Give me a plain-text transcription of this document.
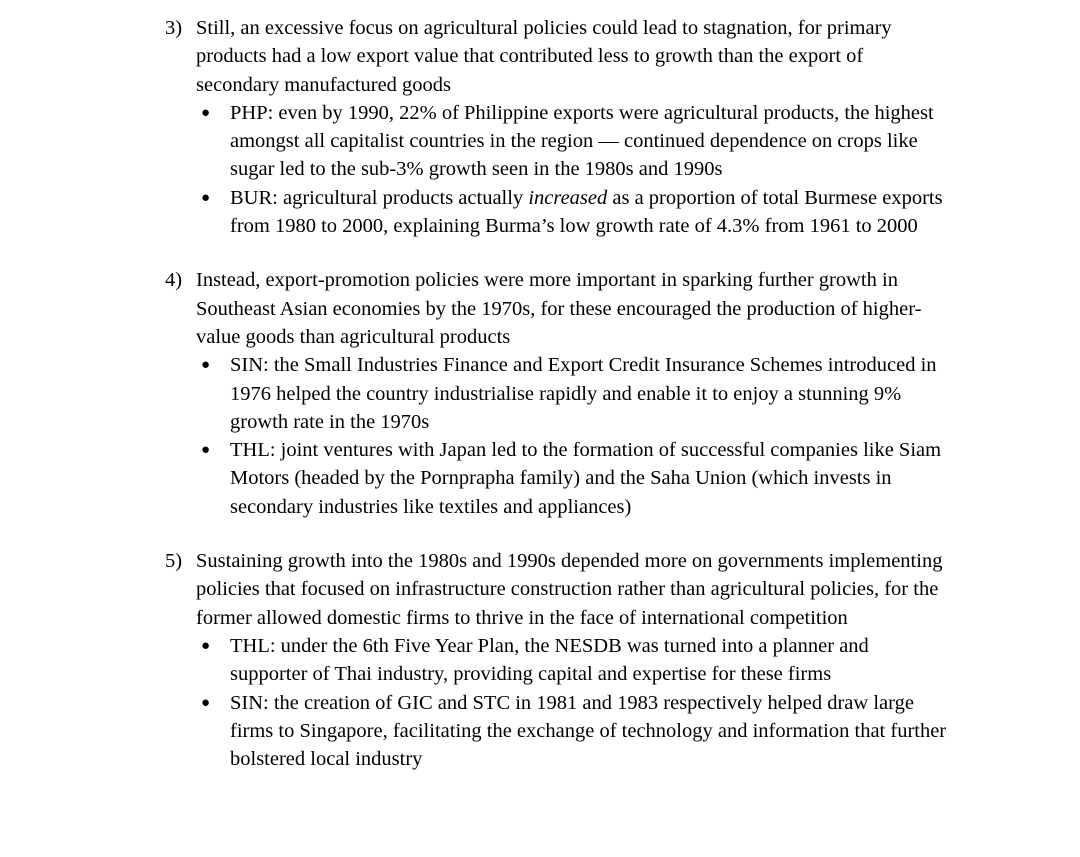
3) Still, an excessive focus on agricultural policies could lead to stagnation, for primary products had a low export value that contributed less to growth than the export of secondary manufactured goods
● PHP: even by 1990, 22% of Philippine exports were agricultural products, the highest amongst all capitalist countries in the region — continued dependence on crops like sugar led to the sub-3% growth seen in the 1980s and 1990s
● BUR: agricultural products actually increased as a proportion of total Burmese exports from 1980 to 2000, explaining Burma’s low growth rate of 4.3% from 1961 to 2000
4) Instead, export-promotion policies were more important in sparking further growth in Southeast Asian economies by the 1970s, for these encouraged the production of higher-value goods than agricultural products
● SIN: the Small Industries Finance and Export Credit Insurance Schemes introduced in 1976 helped the country industrialise rapidly and enable it to enjoy a stunning 9% growth rate in the 1970s
● THL: joint ventures with Japan led to the formation of successful companies like Siam Motors (headed by the Pornprapha family) and the Saha Union (which invests in secondary industries like textiles and appliances)
5) Sustaining growth into the 1980s and 1990s depended more on governments implementing policies that focused on infrastructure construction rather than agricultural policies, for the former allowed domestic firms to thrive in the face of international competition
● THL: under the 6th Five Year Plan, the NESDB was turned into a planner and supporter of Thai industry, providing capital and expertise for these firms
● SIN: the creation of GIC and STC in 1981 and 1983 respectively helped draw large firms to Singapore, facilitating the exchange of technology and information that further bolstered local industry
